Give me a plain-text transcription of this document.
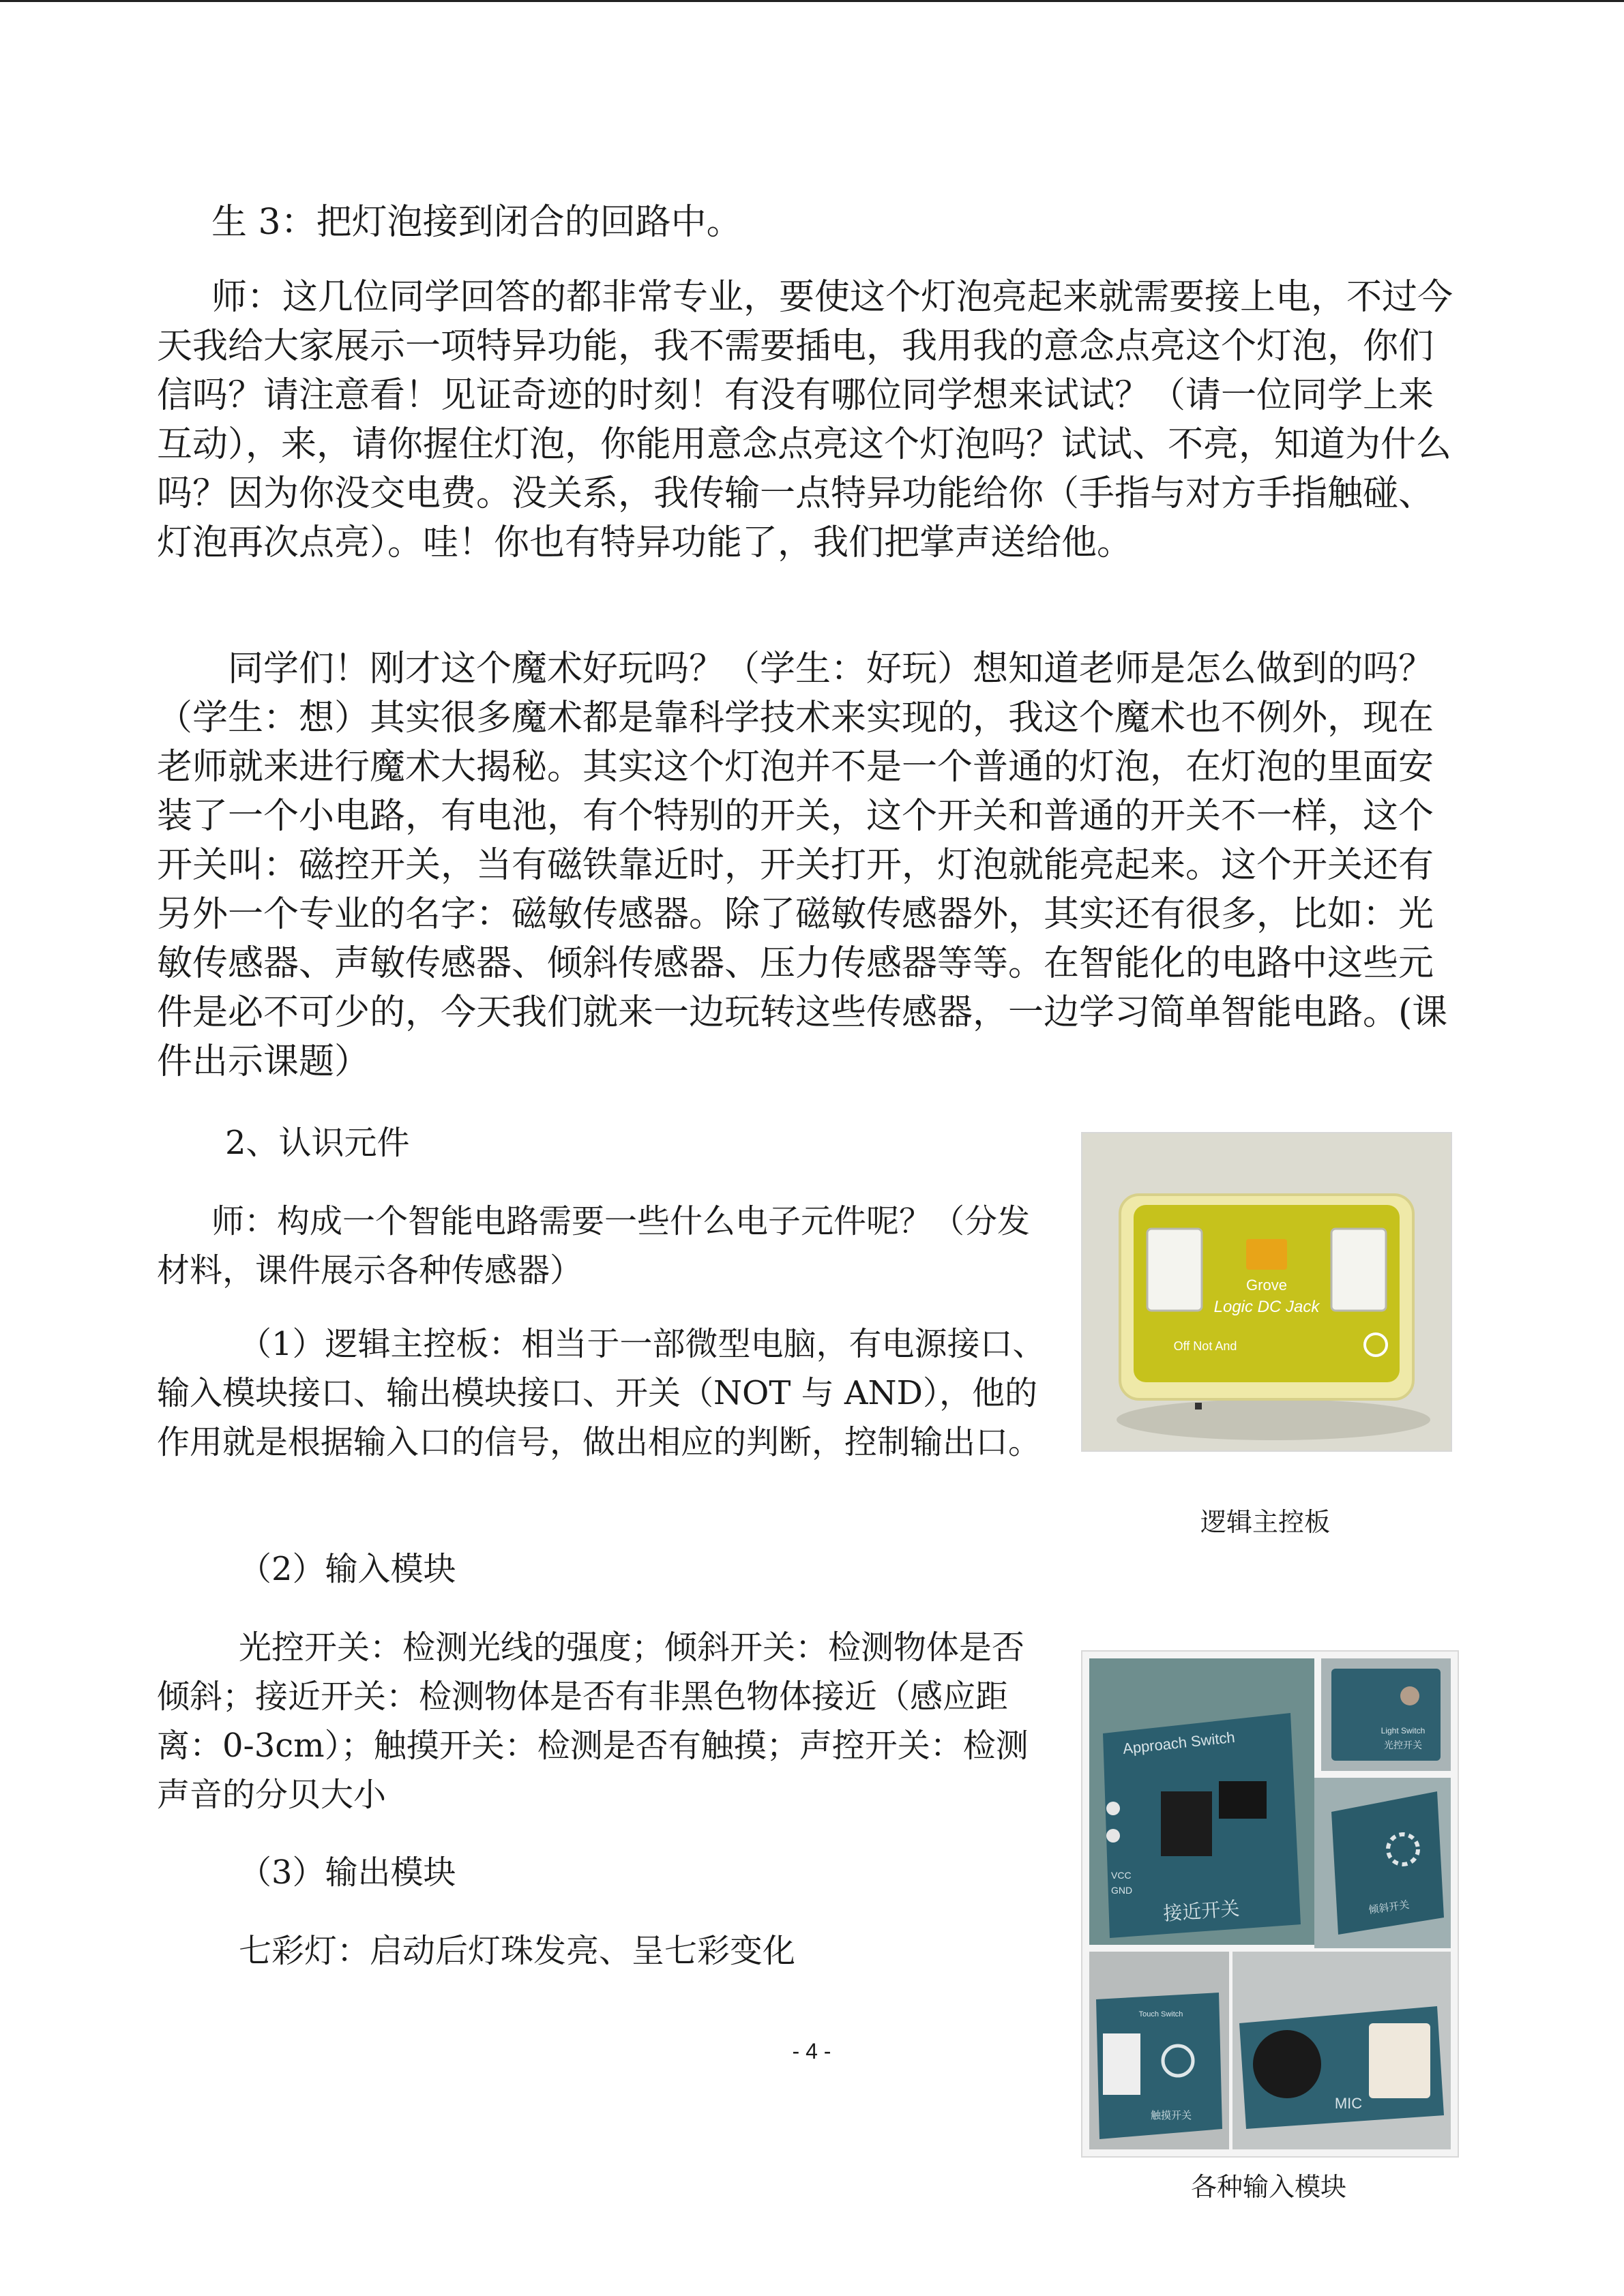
生 3：把灯泡接到闭合的回路中。

师：这几位同学回答的都非常专业，要使这个灯泡亮起来就需要接上电，不过今天我给大家展示一项特异功能，我不需要插电，我用我的意念点亮这个灯泡，你们信吗？请注意看！见证奇迹的时刻！有没有哪位同学想来试试？（请一位同学上来互动），来，请你握住灯泡，你能用意念点亮这个灯泡吗？试试、不亮，知道为什么吗？因为你没交电费。没关系，我传输一点特异功能给你（手指与对方手指触碰、灯泡再次点亮）。哇！你也有特异功能了，我们把掌声送给他。

同学们！刚才这个魔术好玩吗？（学生：好玩）想知道老师是怎么做到的吗？（学生：想）其实很多魔术都是靠科学技术来实现的，我这个魔术也不例外，现在老师就来进行魔术大揭秘。其实这个灯泡并不是一个普通的灯泡，在灯泡的里面安装了一个小电路，有电池，有个特别的开关，这个开关和普通的开关不一样，这个开关叫：磁控开关，当有磁铁靠近时，开关打开，灯泡就能亮起来。这个开关还有另外一个专业的名字：磁敏传感器。除了磁敏传感器外，其实还有很多，比如：光敏传感器、声敏传感器、倾斜传感器、压力传感器等等。在智能化的电路中这些元件是必不可少的，今天我们就来一边玩转这些传感器，一边学习简单智能电路。(课件出示课题）

2、认识元件

师：构成一个智能电路需要一些什么电子元件呢？（分发材料，课件展示各种传感器）

（1）逻辑主控板：相当于一部微型电脑，有电源接口、输入模块接口、输出模块接口、开关（NOT 与 AND），他的作用就是根据输入口的信号，做出相应的判断，控制输出口。

（2）输入模块

光控开关：检测光线的强度；倾斜开关：检测物体是否倾斜；接近开关：检测物体是否有非黑色物体接近（感应距离：0-3cm）；触摸开关：检测是否有触摸；声控开关：检测声音的分贝大小

（3）输出模块

七彩灯：启动后灯珠发亮、呈七彩变化

Grove
Logic DC Jack
Off Not And
逻辑主控板
Approach Switch
VCC
GND
接近开关
Light Switch
光控开关
倾斜开关
Touch Switch
触摸开关
MIC
各种输入模块
- 4 -
